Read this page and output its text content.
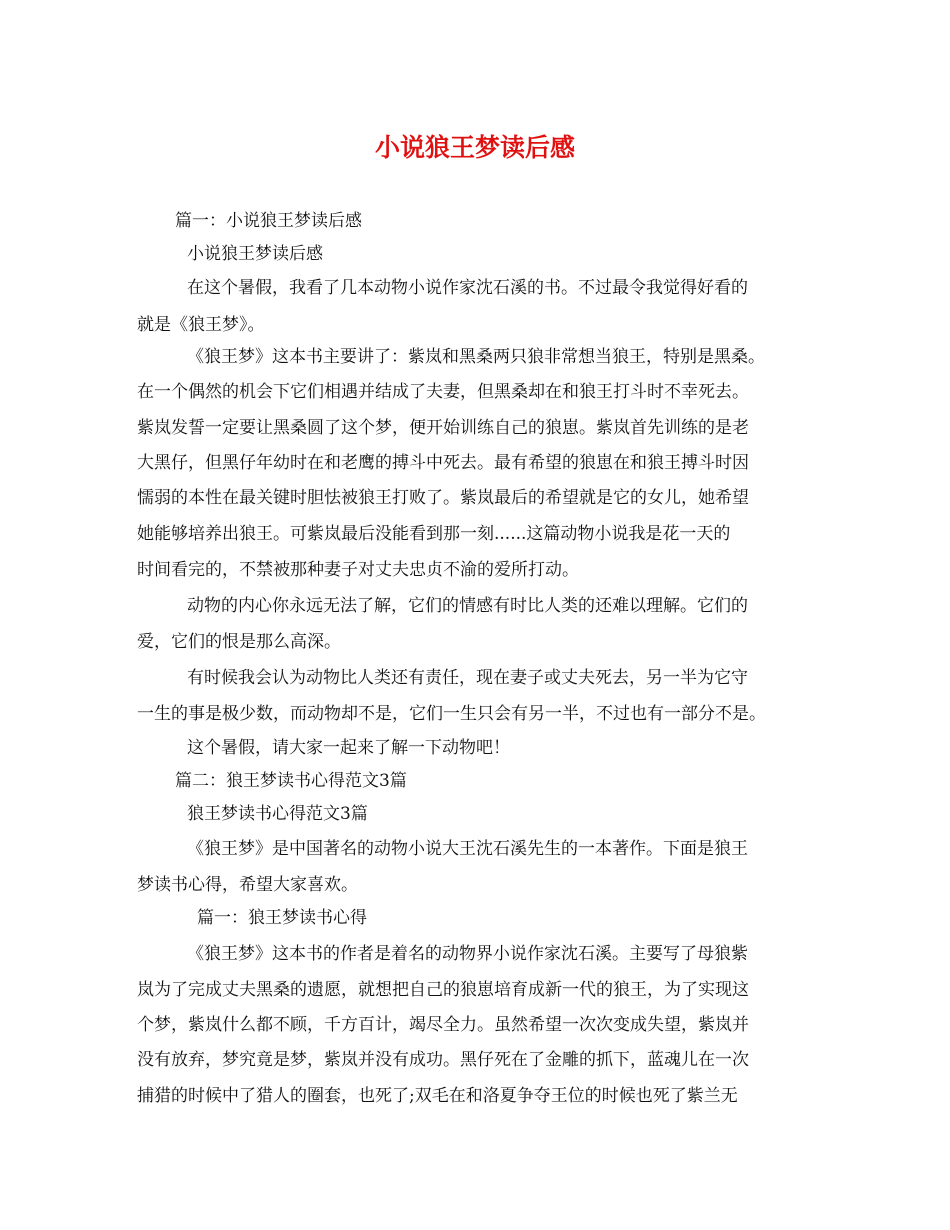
小说狼王梦读后感
篇一：小说狼王梦读后感
小说狼王梦读后感
在这个暑假，我看了几本动物小说作家沈石溪的书。不过最令我觉得好看的
就是《狼王梦》。
《狼王梦》这本书主要讲了：紫岚和黑桑两只狼非常想当狼王，特别是黑桑。
在一个偶然的机会下它们相遇并结成了夫妻，但黑桑却在和狼王打斗时不幸死去。
紫岚发誓一定要让黑桑圆了这个梦，便开始训练自己的狼崽。紫岚首先训练的是老
大黑仔，但黑仔年幼时在和老鹰的搏斗中死去。最有希望的狼崽在和狼王搏斗时因
懦弱的本性在最关键时胆怯被狼王打败了。紫岚最后的希望就是它的女儿，她希望
她能够培养出狼王。可紫岚最后没能看到那一刻......这篇动物小说我是花一天的
时间看完的，不禁被那种妻子对丈夫忠贞不渝的爱所打动。
动物的内心你永远无法了解，它们的情感有时比人类的还难以理解。它们的
爱，它们的恨是那么高深。
有时候我会认为动物比人类还有责任，现在妻子或丈夫死去，另一半为它守
一生的事是极少数，而动物却不是，它们一生只会有另一半，不过也有一部分不是。
这个暑假，请大家一起来了解一下动物吧！
篇二：狼王梦读书心得范文3篇
狼王梦读书心得范文3篇
《狼王梦》是中国著名的动物小说大王沈石溪先生的一本著作。下面是狼王
梦读书心得，希望大家喜欢。
篇一：狼王梦读书心得
《狼王梦》这本书的作者是着名的动物界小说作家沈石溪。主要写了母狼紫
岚为了完成丈夫黑桑的遗愿，就想把自己的狼崽培育成新一代的狼王，为了实现这
个梦，紫岚什么都不顾，千方百计，竭尽全力。虽然希望一次次变成失望，紫岚并
没有放弃，梦究竟是梦，紫岚并没有成功。黑仔死在了金雕的抓下，蓝魂儿在一次
捕猎的时候中了猎人的圈套，也死了;双毛在和洛夏争夺王位的时候也死了紫兰无
